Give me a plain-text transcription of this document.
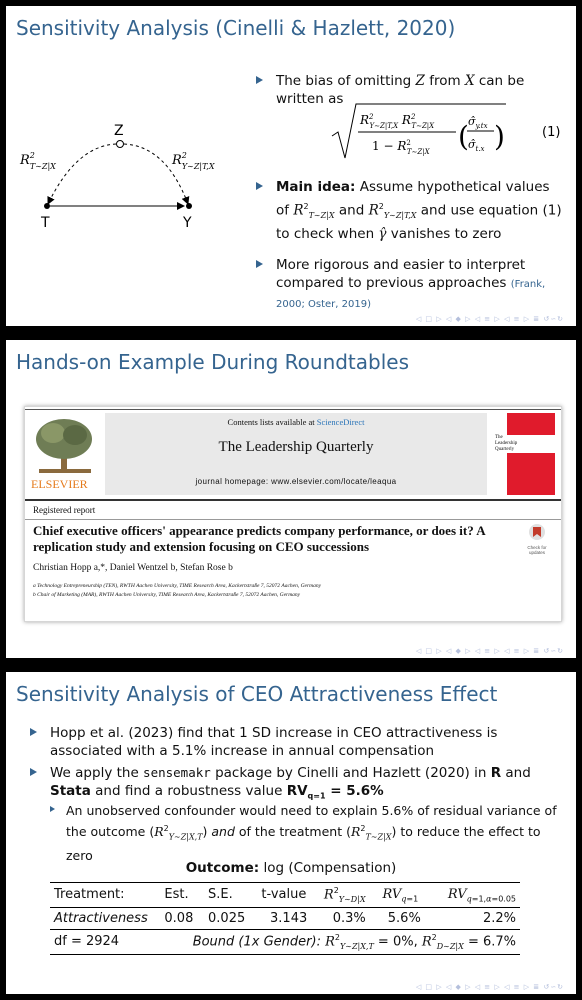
Sensitivity Analysis (Cinelli & Hazlett, 2020)
Z
T	Y
$R^2$ T∼Z|X	$R^2$ Y∼Z|T,X
The bias of omitting Z from X can be written as
$R^2$ Y∼Z|T,X $R^2$ T∼Z|X
$1 - R^2$ T∼Z|X ( $\sigmâ_{y.tx}$
$\sigmâ_{t.x}$ )	(1)
Main idea: Assume hypothetical values of $R^2_{T\sim Z|X}$ and $R^2_{Y\sim Z|T,X}$ and use equation (1) to check when γ̂ vanishes to zero
More rigorous and easier to interpret compared to previous approaches (Frank, 2000; Oster, 2019)
◁ □ ▷ ◁ ◆ ▷ ◁ ≡ ▷ ◁ ≡ ▷ ≣ ↺∽↻
Hands-on Example During Roundtables
ELSEVIER
Contents lists available at ScienceDirect
The Leadership Quarterly
journal homepage: www.elsevier.com/locate/leaqua
The Leadership Quarterly
Registered report
Chief executive officers' appearance predicts company performance, or does it? A replication study and extension focusing on CEO successions	Check for updates
Christian Hopp a,*, Daniel Wentzel b, Stefan Rose b
a Technology Entrepreneurship (TEN), RWTH Aachen University, TIME Research Area, Kackertstraße 7, 52072 Aachen, Germany
b Chair of Marketing (MAR), RWTH Aachen University, TIME Research Area, Kackertstraße 7, 52072 Aachen, Germany
◁ □ ▷ ◁ ◆ ▷ ◁ ≡ ▷ ◁ ≡ ▷ ≣ ↺∽↻
Sensitivity Analysis of CEO Attractiveness Effect
Hopp et al. (2023) find that 1 SD increase in CEO attractiveness is associated with a 5.1% increase in annual compensation
We apply the sensemakr package by Cinelli and Hazlett (2020) in R and Stata and find a robustness value $RV_{q=1} = 5.6\%$
An unobserved confounder would need to explain 5.6% of residual variance of the outcome $(R^2_{Y\sim Z|X,T})$ and of the treatment $(R^2_{T\sim Z|X})$ to reduce the effect to zero
Outcome: log (Compensation)
Treatment:	Est.	S.E.	t-value	$R^2_{Y\sim D|X}$	$RV_{q=1}$	$RV_{q=1,\alpha=0.05}$
Attractiveness	0.08	0.025	3.143	0.3%	5.6%	2.2%
df = 2924	Bound (1x Gender): $R^2_{Y\sim Z|X,T} = 0\%$, $R^2_{D\sim Z|X} = 6.7\%$					
◁ □ ▷ ◁ ◆ ▷ ◁ ≡ ▷ ◁ ≡ ▷ ≣ ↺∽↻
